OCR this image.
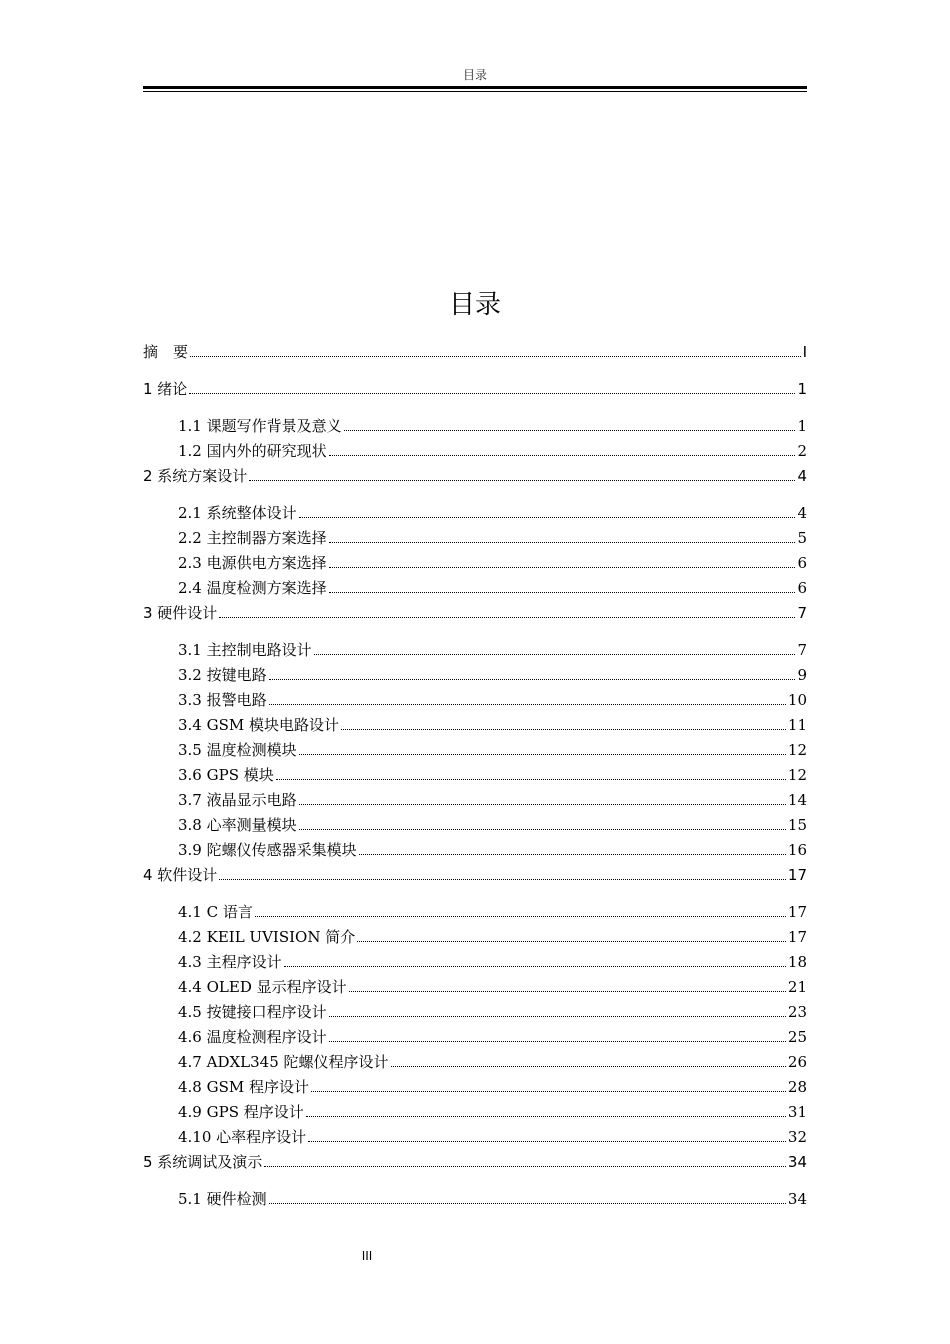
目录
目录
摘　要	I
1 绪论	1
1.1 课题写作背景及意义	1
1.2 国内外的研究现状	2
2 系统方案设计	4
2.1 系统整体设计	4
2.2 主控制器方案选择	5
2.3 电源供电方案选择	6
2.4 温度检测方案选择	6
3 硬件设计	7
3.1 主控制电路设计	7
3.2 按键电路	9
3.3 报警电路	10
3.4 GSM 模块电路设计	11
3.5 温度检测模块	12
3.6 GPS 模块	12
3.7 液晶显示电路	14
3.8 心率测量模块	15
3.9 陀螺仪传感器采集模块	16
4 软件设计	17
4.1 C 语言	17
4.2 KEIL UVISION 简介	17
4.3 主程序设计	18
4.4 OLED 显示程序设计	21
4.5 按键接口程序设计	23
4.6 温度检测程序设计	25
4.7 ADXL345 陀螺仪程序设计	26
4.8 GSM 程序设计	28
4.9 GPS 程序设计	31
4.10 心率程序设计	32
5 系统调试及演示	34
5.1 硬件检测	34
III
